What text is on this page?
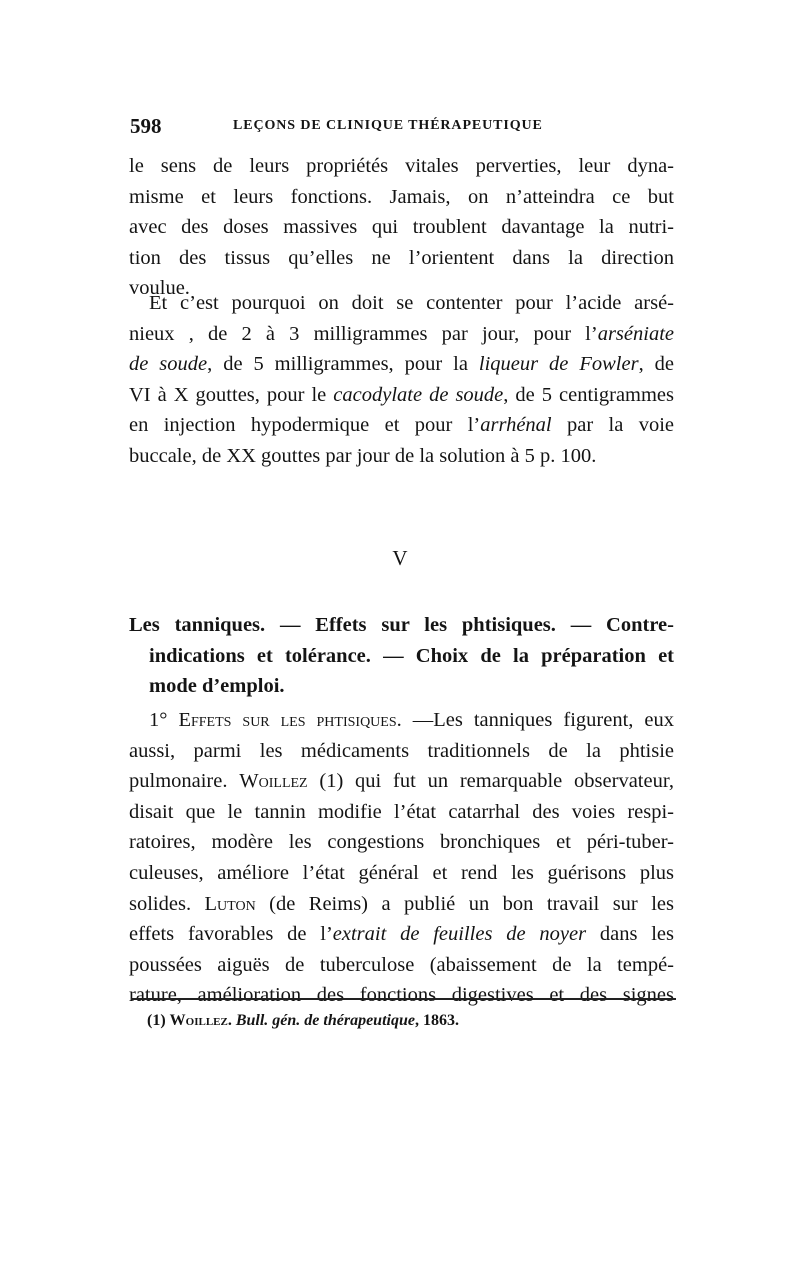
598	LEÇONS DE CLINIQUE THÉRAPEUTIQUE
le sens de leurs propriétés vitales perverties, leur dyna-
misme et leurs fonctions. Jamais, on n’atteindra ce but
avec des doses massives qui troublent davantage la nutri-
tion des tissus qu’elles ne l’orientent dans la direction
voulue.
Et c’est pourquoi on doit se contenter pour l’acide arsé-
nieux , de 2 à 3 milligrammes par jour, pour l’arséniate
de soude, de 5 milligrammes, pour la liqueur de Fowler, de
VI à X gouttes, pour le cacodylate de soude, de 5 centigrammes
en injection hypodermique et pour l’arrhénal par la voie
buccale, de XX gouttes par jour de la solution à 5 p. 100.
V
Les tanniques. — Effets sur les phtisiques. — Contre-
indications et tolérance. — Choix de la préparation et
mode d’emploi.
1° Effets sur les phtisiques. —Les tanniques figurent, eux
aussi, parmi les médicaments traditionnels de la phtisie
pulmonaire. Woillez (1) qui fut un remarquable observateur,
disait que le tannin modifie l’état catarrhal des voies respi-
ratoires, modère les congestions bronchiques et péri-tuber-
culeuses, améliore l’état général et rend les guérisons plus
solides. Luton (de Reims) a publié un bon travail sur les
effets favorables de l’extrait de feuilles de noyer dans les
poussées aiguës de tuberculose (abaissement de la tempé-
rature, amélioration des fonctions digestives et des signes
(1) Woillez. Bull. gén. de thérapeutique, 1863.
